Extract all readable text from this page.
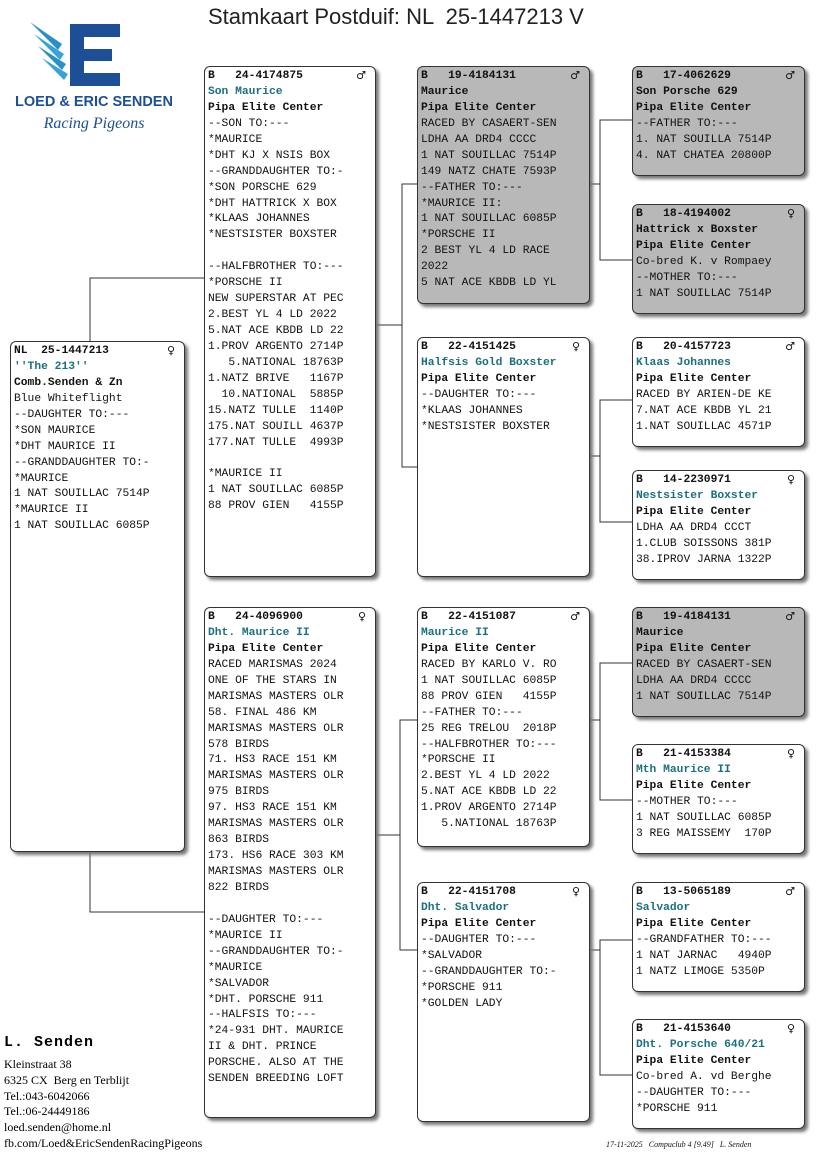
Stamkaart Postduif: NL  25-1447213 V
LOED & ERIC SENDEN
Racing Pigeons
♀
NL  25-1447213
''The 213''
Comb.Senden & Zn
Blue Whiteflight
--DAUGHTER TO:---
*SON MAURICE
*DHT MAURICE II
--GRANDDAUGHTER TO:-
*MAURICE
1 NAT SOUILLAC 7514P
*MAURICE II
1 NAT SOUILLAC 6085P
♂
B   24-4174875
Son Maurice
Pipa Elite Center
--SON TO:---
*MAURICE
*DHT KJ X NSIS BOX
--GRANDDAUGHTER TO:-
*SON PORSCHE 629
*DHT HATTRICK X BOX
*KLAAS JOHANNES
*NESTSISTER BOXSTER
--HALFBROTHER TO:---
*PORSCHE II
NEW SUPERSTAR AT PEC
2.BEST YL 4 LD 2022
5.NAT ACE KBDB LD 22
1.PROV ARGENTO 2714P
5.NATIONAL 18763P
1.NATZ BRIVE   1167P
10.NATIONAL  5885P
15.NATZ TULLE  1140P
175.NAT SOUILL 4637P
177.NAT TULLE  4993P
*MAURICE II
1 NAT SOUILLAC 6085P
88 PROV GIEN   4155P
♀
B   24-4096900
Dht. Maurice II
Pipa Elite Center
RACED MARISMAS 2024
ONE OF THE STARS IN
MARISMAS MASTERS OLR
58. FINAL 486 KM
MARISMAS MASTERS OLR
578 BIRDS
71. HS3 RACE 151 KM
MARISMAS MASTERS OLR
975 BIRDS
97. HS3 RACE 151 KM
MARISMAS MASTERS OLR
863 BIRDS
173. HS6 RACE 303 KM
MARISMAS MASTERS OLR
822 BIRDS
--DAUGHTER TO:---
*MAURICE II
--GRANDDAUGHTER TO:-
*MAURICE
*SALVADOR
*DHT. PORSCHE 911
--HALFSIS TO:---
*24-931 DHT. MAURICE
II & DHT. PRINCE
PORSCHE. ALSO AT THE
SENDEN BREEDING LOFT
♂
B   19-4184131
Maurice
Pipa Elite Center
RACED BY CASAERT-SEN
LDHA AA DRD4 CCCC
1 NAT SOUILLAC 7514P
149 NATZ CHATE 7593P
--FATHER TO:---
*MAURICE II:
1 NAT SOUILLAC 6085P
*PORSCHE II
2 BEST YL 4 LD RACE
2022
5 NAT ACE KBDB LD YL
♀
B   22-4151425
Halfsis Gold Boxster
Pipa Elite Center
--DAUGHTER TO:---
*KLAAS JOHANNES
*NESTSISTER BOXSTER
♂
B   22-4151087
Maurice II
Pipa Elite Center
RACED BY KARLO V. RO
1 NAT SOUILLAC 6085P
88 PROV GIEN   4155P
--FATHER TO:---
25 REG TRELOU  2018P
--HALFBROTHER TO:---
*PORSCHE II
2.BEST YL 4 LD 2022
5.NAT ACE KBDB LD 22
1.PROV ARGENTO 2714P
5.NATIONAL 18763P
♀
B   22-4151708
Dht. Salvador
Pipa Elite Center
--DAUGHTER TO:---
*SALVADOR
--GRANDDAUGHTER TO:-
*PORSCHE 911
*GOLDEN LADY
♂
B   17-4062629
Son Porsche 629
Pipa Elite Center
--FATHER TO:---
1. NAT SOUILLA 7514P
4. NAT CHATEA 20800P
♀
B   18-4194002
Hattrick x Boxster
Pipa Elite Center
Co-bred K. v Rompaey
--MOTHER TO:---
1 NAT SOUILLAC 7514P
♂
B   20-4157723
Klaas Johannes
Pipa Elite Center
RACED BY ARIEN-DE KE
7.NAT ACE KBDB YL 21
1.NAT SOUILLAC 4571P
♀
B   14-2230971
Nestsister Boxster
Pipa Elite Center
LDHA AA DRD4 CCCT
1.CLUB SOISSONS 381P
38.IPROV JARNA 1322P
♂
B   19-4184131
Maurice
Pipa Elite Center
RACED BY CASAERT-SEN
LDHA AA DRD4 CCCC
1 NAT SOUILLAC 7514P
♀
B   21-4153384
Mth Maurice II
Pipa Elite Center
--MOTHER TO:---
1 NAT SOUILLAC 6085P
3 REG MAISSEMY  170P
♂
B   13-5065189
Salvador
Pipa Elite Center
--GRANDFATHER TO:---
1 NAT JARNAC   4940P
1 NATZ LIMOGE 5350P
♀
B   21-4153640
Dht. Porsche 640/21
Pipa Elite Center
Co-bred A. vd Berghe
--DAUGHTER TO:---
*PORSCHE 911
L. Senden
Kleinstraat 38
6325 CX  Berg en Terblijt
Tel.:043-6042066
Tel.:06-24449186
loed.senden@home.nl
fb.com/Loed&EricSendenRacingPigeons	17-11-2025   Compuclub 4 [9.49]   L. Senden
